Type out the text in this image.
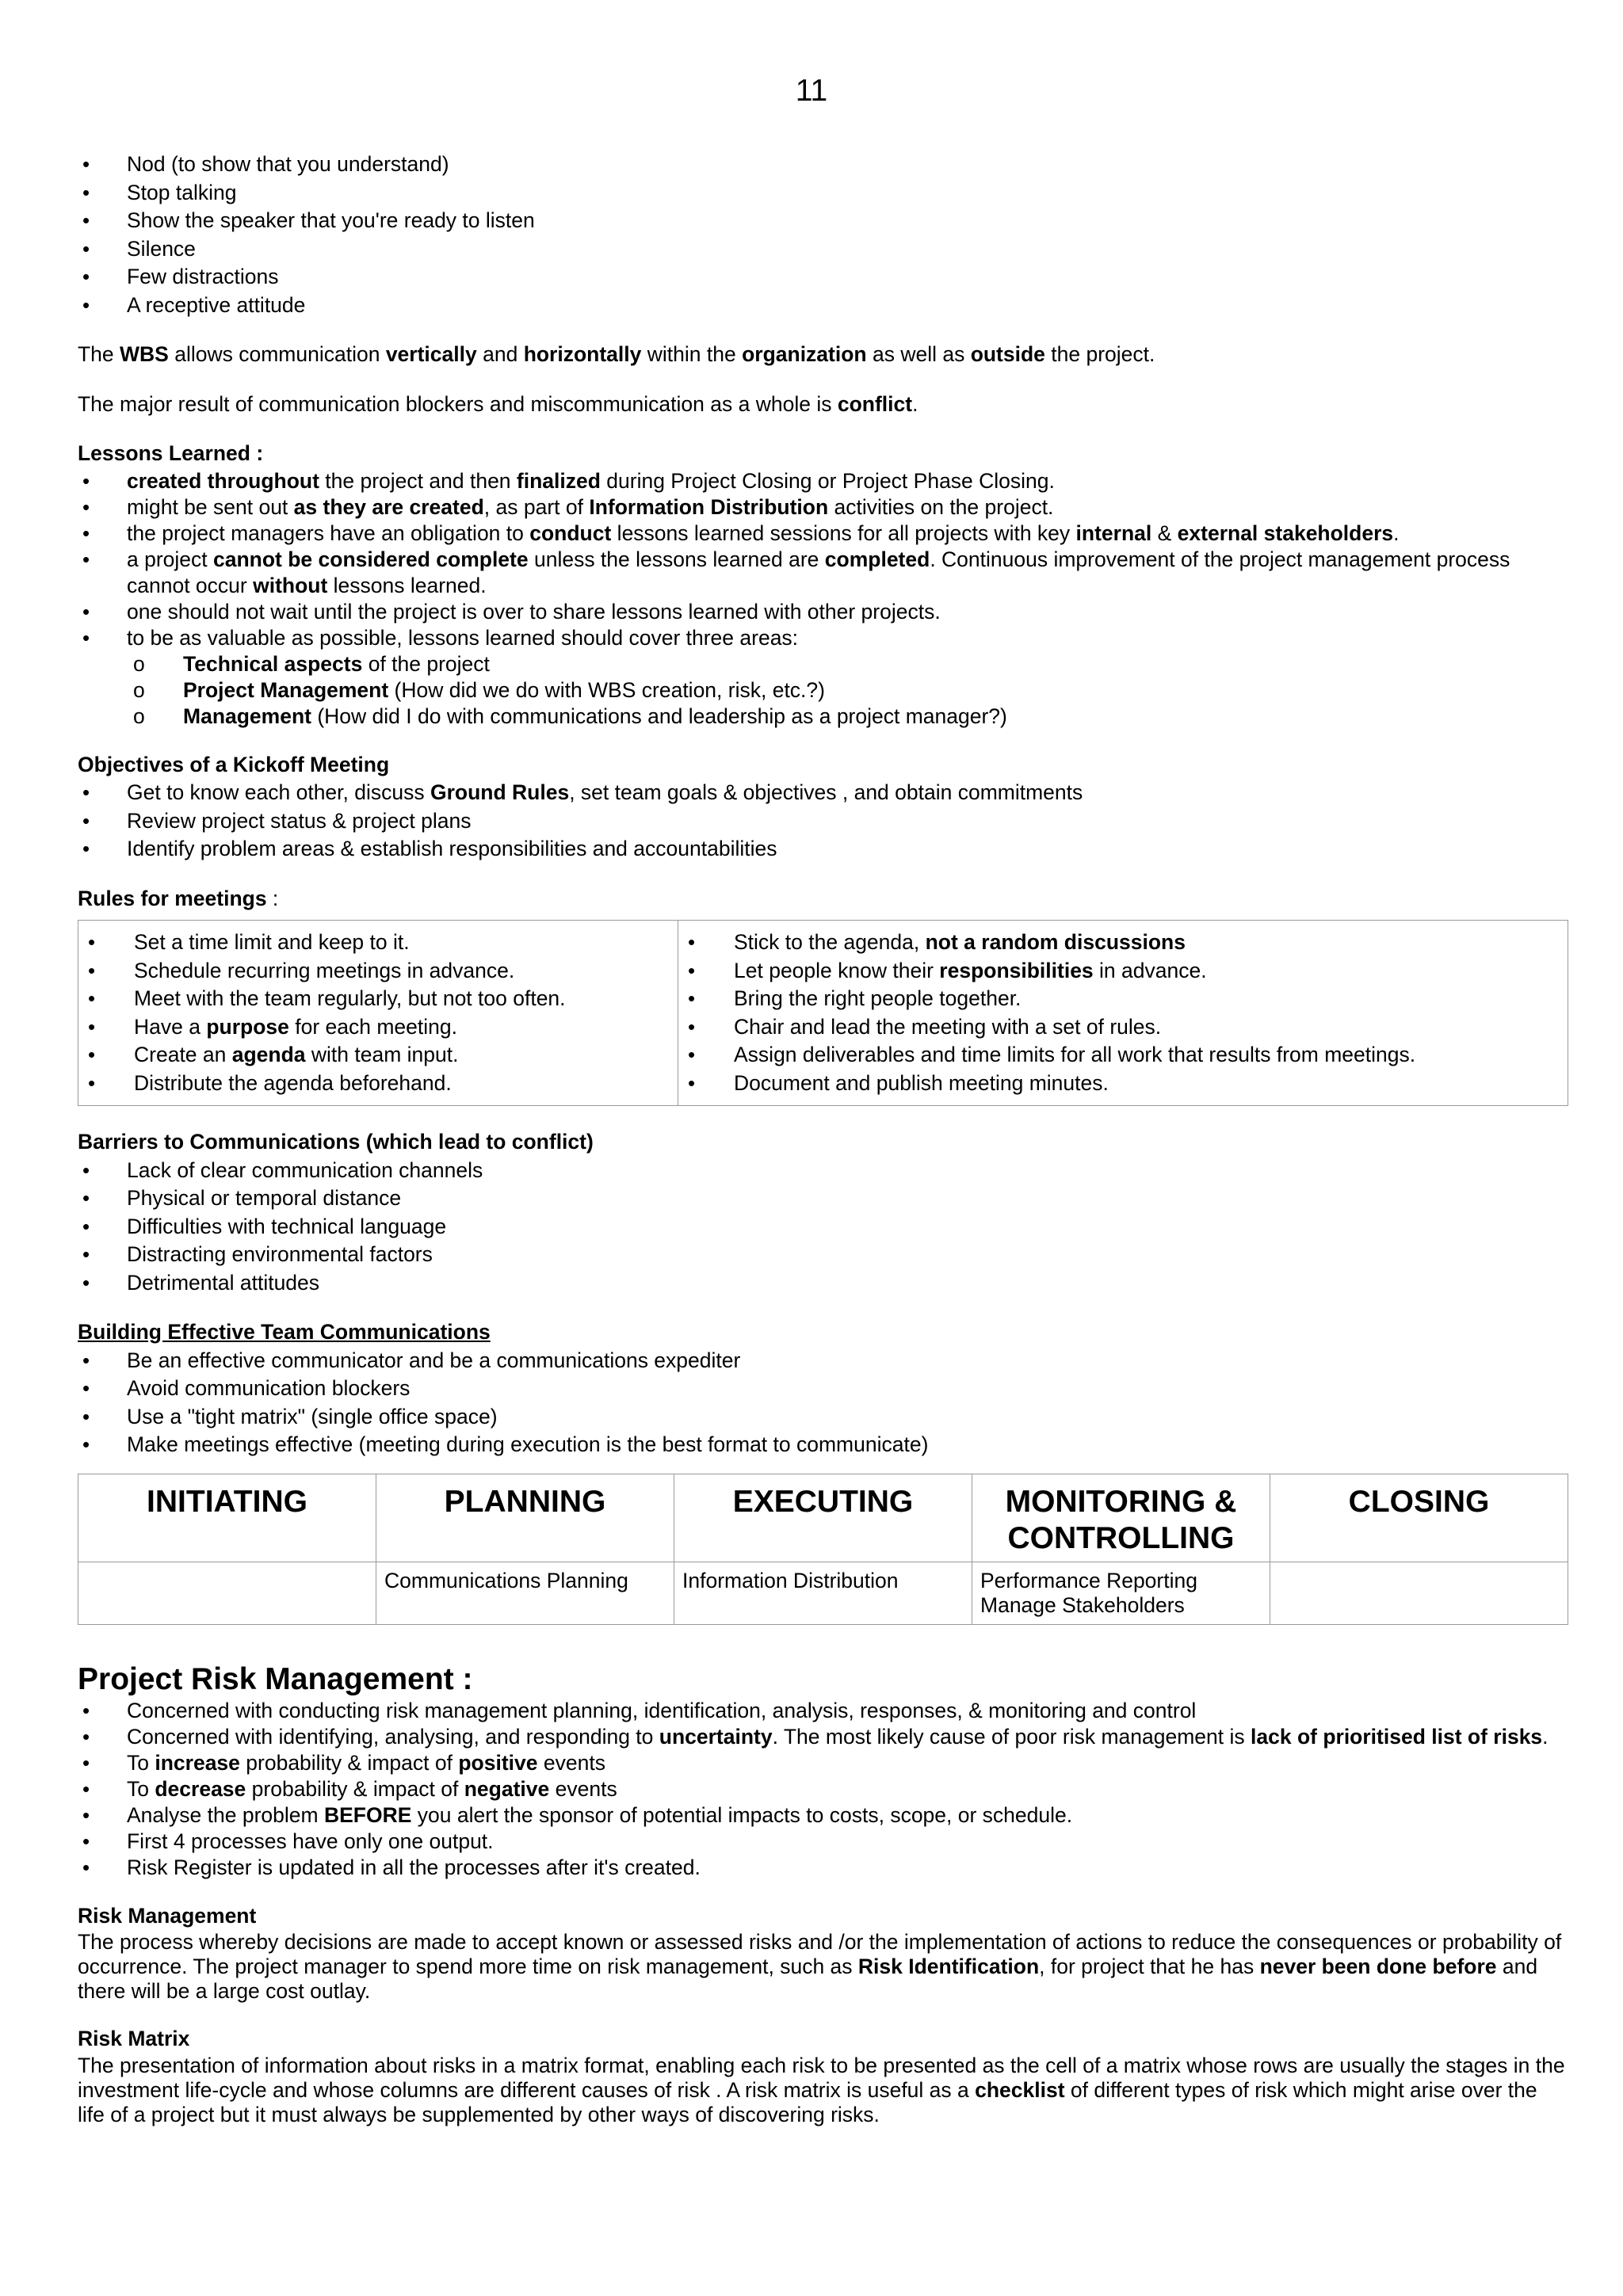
11
• Nod (to show that you understand)
• Stop talking
• Show the speaker that you're ready to listen
• Silence
• Few distractions
• A receptive attitude

The WBS allows communication vertically and horizontally within the organization as well as outside the project.

The major result of communication blockers and miscommunication as a whole is conflict.

Lessons Learned :

• created throughout the project and then finalized during Project Closing or Project Phase Closing.
• might be sent out as they are created, as part of Information Distribution activities on the project.
• the project managers have an obligation to conduct lessons learned sessions for all projects with key internal & external stakeholders.
• a project cannot be considered complete unless the lessons learned are completed. Continuous improvement of the project management process cannot occur without lessons learned.
• one should not wait until the project is over to share lessons learned with other projects.
• to be as valuable as possible, lessons learned should cover three areas:
o Technical aspects of the project
o Project Management (How did we do with WBS creation, risk, etc.?)
o Management (How did I do with communications and leadership as a project manager?)

Objectives of a Kickoff Meeting

• Get to know each other, discuss Ground Rules, set team goals & objectives , and obtain commitments
• Review project status & project plans
• Identify problem areas & establish responsibilities and accountabilities

Rules for meetings :

• Set a time limit and keep to it.
• Schedule recurring meetings in advance.
• Meet with the team regularly, but not too often.
• Have a purpose for each meeting.
• Create an agenda with team input.
• Distribute the agenda beforehand.

• Stick to the agenda, not a random discussions
• Let people know their responsibilities in advance.
• Bring the right people together.
• Chair and lead the meeting with a set of rules.
• Assign deliverables and time limits for all work that results from meetings.
• Document and publish meeting minutes.

Barriers to Communications (which lead to conflict)

• Lack of clear communication channels
• Physical or temporal distance
• Difficulties with technical language
• Distracting environmental factors
• Detrimental attitudes

Building Effective Team Communications

• Be an effective communicator and be a communications expediter
• Avoid communication blockers
• Use a "tight matrix" (single office space)
• Make meetings effective (meeting during execution is the best format to communicate)
INITIATING	PLANNING	EXECUTING	MONITORING & CONTROLLING	CLOSING
	Communications Planning	Information Distribution	Performance Reporting
Manage Stakeholders	

Project Risk Management :

• Concerned with conducting risk management planning, identification, analysis, responses, & monitoring and control
• Concerned with identifying, analysing, and responding to uncertainty. The most likely cause of poor risk management is lack of prioritised list of risks.
• To increase probability & impact of positive events
• To decrease probability & impact of negative events
• Analyse the problem BEFORE you alert the sponsor of potential impacts to costs, scope, or schedule.
• First 4 processes have only one output.
• Risk Register is updated in all the processes after it's created.

Risk Management

The process whereby decisions are made to accept known or assessed risks and /or the implementation of actions to reduce the consequences or probability of occurrence. The project manager to spend more time on risk management, such as Risk Identification, for project that he has never been done before and there will be a large cost outlay.

Risk Matrix

The presentation of information about risks in a matrix format, enabling each risk to be presented as the cell of a matrix whose rows are usually the stages in the investment life-cycle and whose columns are different causes of risk . A risk matrix is useful as a checklist of different types of risk which might arise over the life of a project but it must always be supplemented by other ways of discovering risks.
